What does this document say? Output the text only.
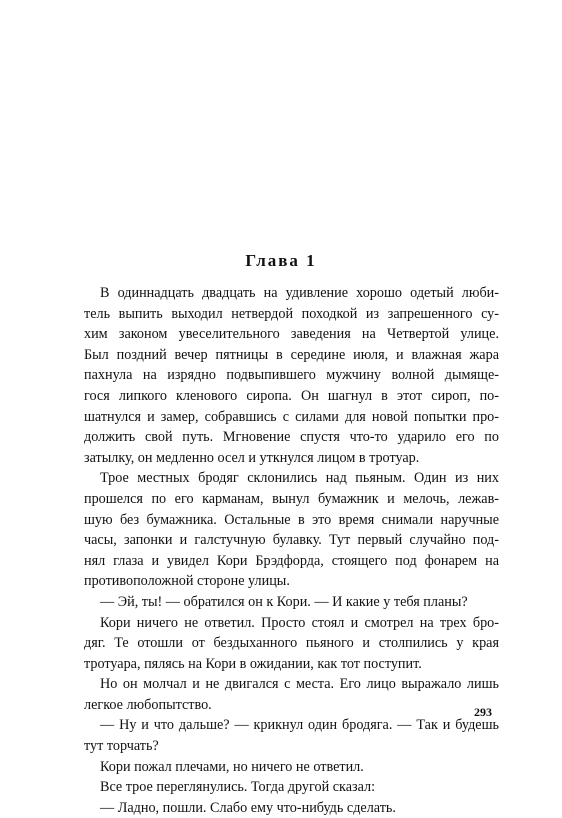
Глава 1
В одиннадцать двадцать на удивление хорошо одетый люби-
тель выпить выходил нетвердой походкой из запрешенного су-
хим законом увеселительного заведения на Четвертой улице.
Был поздний вечер пятницы в середине июля, и влажная жара
пахнула на изрядно подвыпившего мужчину волной дымяще-
гося липкого кленового сиропа. Он шагнул в этот сироп, по-
шатнулся и замер, собравшись с силами для новой попытки про-
должить свой путь. Мгновение спустя что-то ударило его по
затылку, он медленно осел и уткнулся лицом в тротуар.
Трое местных бродяг склонились над пьяным. Один из них
прошелся по его карманам, вынул бумажник и мелочь, лежав-
шую без бумажника. Остальные в это время снимали наручные
часы, запонки и галстучную булавку. Тут первый случайно под-
нял глаза и увидел Кори Брэдфорда, стоящего под фонарем на
противоположной стороне улицы.
— Эй, ты! — обратился он к Кори. — И какие у тебя планы?
Кори ничего не ответил. Просто стоял и смотрел на трех бро-
дяг. Те отошли от бездыханного пьяного и столпились у края
тротуара, пялясь на Кори в ожидании, как тот поступит.
Но он молчал и не двигался с места. Его лицо выражало лишь
легкое любопытство.
— Ну и что дальше? — крикнул один бродяга. — Так и будешь
тут торчать?
Кори пожал плечами, но ничего не ответил.
Все трое переглянулись. Тогда другой сказал:
— Ладно, пошли. Слабо ему что-нибудь сделать.
293
